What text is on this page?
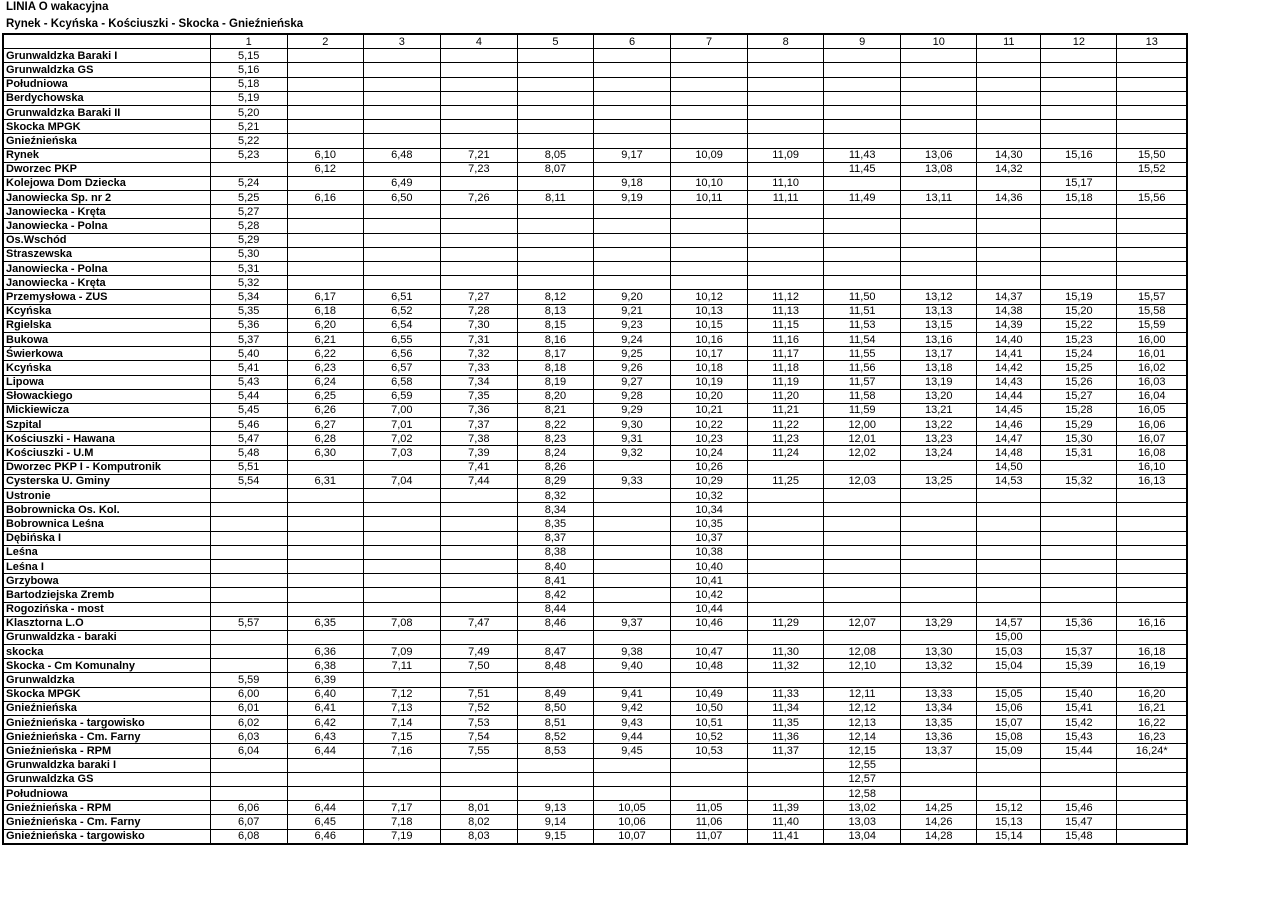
LINIA O wakacyjna
Rynek - Kcyńska - Kościuszki - Skocka - Gnieźnieńska
	1	2	3	4	5	6	7	8	9	10	11	12	13
Grunwaldzka Baraki I	5,15												
Grunwaldzka GS	5,16												
Południowa	5,18												
Berdychowska	5,19												
Grunwaldzka Baraki II	5,20												
Skocka MPGK	5,21												
Gnieźnieńska	5,22												
Rynek	5,23	6,10	6,48	7,21	8,05	9,17	10,09	11,09	11,43	13,06	14,30	15,16	15,50
Dworzec PKP		6,12		7,23	8,07				11,45	13,08	14,32		15,52
Kolejowa Dom Dziecka	5,24		6,49			9,18	10,10	11,10				15,17	
Janowiecka Sp. nr 2	5,25	6,16	6,50	7,26	8,11	9,19	10,11	11,11	11,49	13,11	14,36	15,18	15,56
Janowiecka - Kręta	5,27												
Janowiecka - Polna	5,28												
Os.Wschód	5,29												
Straszewska	5,30												
Janowiecka - Polna	5,31												
Janowiecka - Kręta	5,32												
Przemysłowa - ZUS	5,34	6,17	6,51	7,27	8,12	9,20	10,12	11,12	11,50	13,12	14,37	15,19	15,57
Kcyńska	5,35	6,18	6,52	7,28	8,13	9,21	10,13	11,13	11,51	13,13	14,38	15,20	15,58
Rgielska	5,36	6,20	6,54	7,30	8,15	9,23	10,15	11,15	11,53	13,15	14,39	15,22	15,59
Bukowa	5,37	6,21	6,55	7,31	8,16	9,24	10,16	11,16	11,54	13,16	14,40	15,23	16,00
Świerkowa	5,40	6,22	6,56	7,32	8,17	9,25	10,17	11,17	11,55	13,17	14,41	15,24	16,01
Kcyńska	5,41	6,23	6,57	7,33	8,18	9,26	10,18	11,18	11,56	13,18	14,42	15,25	16,02
Lipowa	5,43	6,24	6,58	7,34	8,19	9,27	10,19	11,19	11,57	13,19	14,43	15,26	16,03
Słowackiego	5,44	6,25	6,59	7,35	8,20	9,28	10,20	11,20	11,58	13,20	14,44	15,27	16,04
Mickiewicza	5,45	6,26	7,00	7,36	8,21	9,29	10,21	11,21	11,59	13,21	14,45	15,28	16,05
Szpital	5,46	6,27	7,01	7,37	8,22	9,30	10,22	11,22	12,00	13,22	14,46	15,29	16,06
Kościuszki - Hawana	5,47	6,28	7,02	7,38	8,23	9,31	10,23	11,23	12,01	13,23	14,47	15,30	16,07
Kościuszki - U.M	5,48	6,30	7,03	7,39	8,24	9,32	10,24	11,24	12,02	13,24	14,48	15,31	16,08
Dworzec PKP I - Komputronik	5,51			7,41	8,26		10,26				14,50		16,10
Cysterska U. Gminy	5,54	6,31	7,04	7,44	8,29	9,33	10,29	11,25	12,03	13,25	14,53	15,32	16,13
Ustronie					8,32		10,32						
Bobrownicka Os. Kol.					8,34		10,34						
Bobrownica Leśna					8,35		10,35						
Dębińska I					8,37		10,37						
Leśna					8,38		10,38						
Leśna I					8,40		10,40						
Grzybowa					8,41		10,41						
Bartodziejska Zremb					8,42		10,42						
Rogozińska - most					8,44		10,44						
Klasztorna L.O	5,57	6,35	7,08	7,47	8,46	9,37	10,46	11,29	12,07	13,29	14,57	15,36	16,16
Grunwaldzka - baraki											15,00		
skocka		6,36	7,09	7,49	8,47	9,38	10,47	11,30	12,08	13,30	15,03	15,37	16,18
Skocka - Cm Komunalny		6,38	7,11	7,50	8,48	9,40	10,48	11,32	12,10	13,32	15,04	15,39	16,19
Grunwaldzka	5,59	6,39											
Skocka MPGK	6,00	6,40	7,12	7,51	8,49	9,41	10,49	11,33	12,11	13,33	15,05	15,40	16,20
Gnieźnieńska	6,01	6,41	7,13	7,52	8,50	9,42	10,50	11,34	12,12	13,34	15,06	15,41	16,21
Gnieźnieńska - targowisko	6,02	6,42	7,14	7,53	8,51	9,43	10,51	11,35	12,13	13,35	15,07	15,42	16,22
Gnieźnieńska - Cm. Farny	6,03	6,43	7,15	7,54	8,52	9,44	10,52	11,36	12,14	13,36	15,08	15,43	16,23
Gnieźnieńska - RPM	6,04	6,44	7,16	7,55	8,53	9,45	10,53	11,37	12,15	13,37	15,09	15,44	16,24*
Grunwaldzka baraki I									12,55				
Grunwaldzka GS									12,57				
Południowa									12,58				
Gnieźnieńska - RPM	6,06	6,44	7,17	8,01	9,13	10,05	11,05	11,39	13,02	14,25	15,12	15,46	
Gnieźnieńska - Cm. Farny	6,07	6,45	7,18	8,02	9,14	10,06	11,06	11,40	13,03	14,26	15,13	15,47	
Gnieźnieńska - targowisko	6,08	6,46	7,19	8,03	9,15	10,07	11,07	11,41	13,04	14,28	15,14	15,48	
